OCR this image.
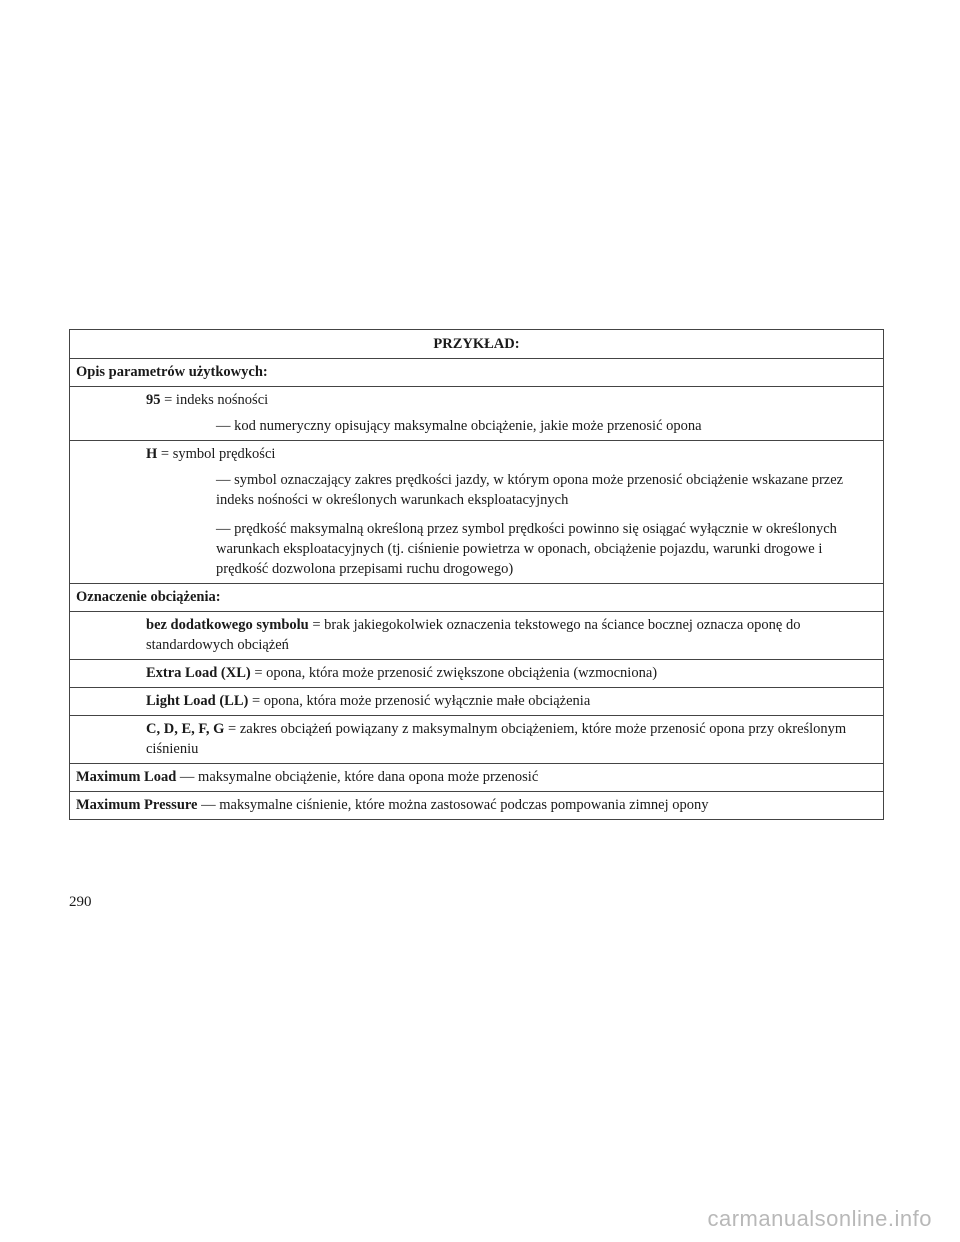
PRZYKŁAD:
Opis parametrów użytkowych:
95 = indeks nośności
— kod numeryczny opisujący maksymalne obciążenie, jakie może przenosić opona
H = symbol prędkości
— symbol oznaczający zakres prędkości jazdy, w którym opona może przenosić obciążenie wskazane przez indeks nośności w określonych warunkach eksploatacyjnych
— prędkość maksymalną określoną przez symbol prędkości powinno się osiągać wyłącznie w określonych warunkach eksploatacyjnych (tj. ciśnienie powietrza w oponach, obciążenie pojazdu, warunki drogowe i prędkość dozwolona przepisami ruchu drogowego)
Oznaczenie obciążenia:
bez dodatkowego symbolu = brak jakiegokolwiek oznaczenia tekstowego na ściance bocznej oznacza oponę do standardowych obciążeń
Extra Load (XL) = opona, która może przenosić zwiększone obciążenia (wzmocniona)
Light Load (LL) = opona, która może przenosić wyłącznie małe obciążenia
C, D, E, F, G = zakres obciążeń powiązany z maksymalnym obciążeniem, które może przenosić opona przy określonym ciśnieniu
Maximum Load — maksymalne obciążenie, które dana opona może przenosić
Maximum Pressure — maksymalne ciśnienie, które można zastosować podczas pompowania zimnej opony
290
carmanualsonline.info
